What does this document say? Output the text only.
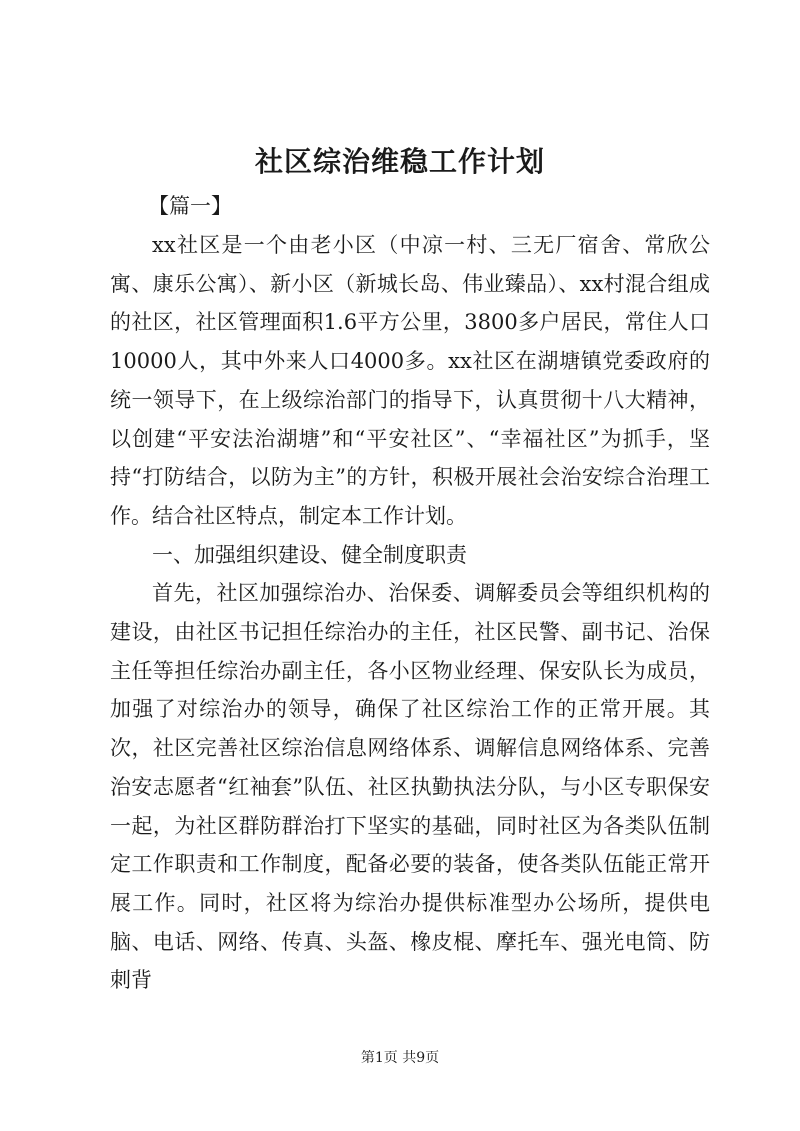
社区综治维稳工作计划
【篇一】

xx社区是一个由老小区（中凉一村、三无厂宿舍、常欣公寓、康乐公寓）、新小区（新城长岛、伟业臻品）、xx村混合组成的社区，社区管理面积1.6平方公里，3800多户居民，常住人口10000人，其中外来人口4000多。xx社区在湖塘镇党委政府的统一领导下，在上级综治部门的指导下，认真贯彻十八大精神，以创建“平安法治湖塘”和“平安社区”、“幸福社区”为抓手，坚持“打防结合，以防为主”的方针，积极开展社会治安综合治理工作。结合社区特点，制定本工作计划。

一、加强组织建设、健全制度职责

首先，社区加强综治办、治保委、调解委员会等组织机构的建设，由社区书记担任综治办的主任，社区民警、副书记、治保主任等担任综治办副主任，各小区物业经理、保安队长为成员，加强了对综治办的领导，确保了社区综治工作的正常开展。其次，社区完善社区综治信息网络体系、调解信息网络体系、完善治安志愿者“红袖套”队伍、社区执勤执法分队，与小区专职保安一起，为社区群防群治打下坚实的基础，同时社区为各类队伍制定工作职责和工作制度，配备必要的装备，使各类队伍能正常开展工作。同时，社区将为综治办提供标准型办公场所，提供电脑、电话、网络、传真、头盔、橡皮棍、摩托车、强光电筒、防刺背

第1页 共9页
